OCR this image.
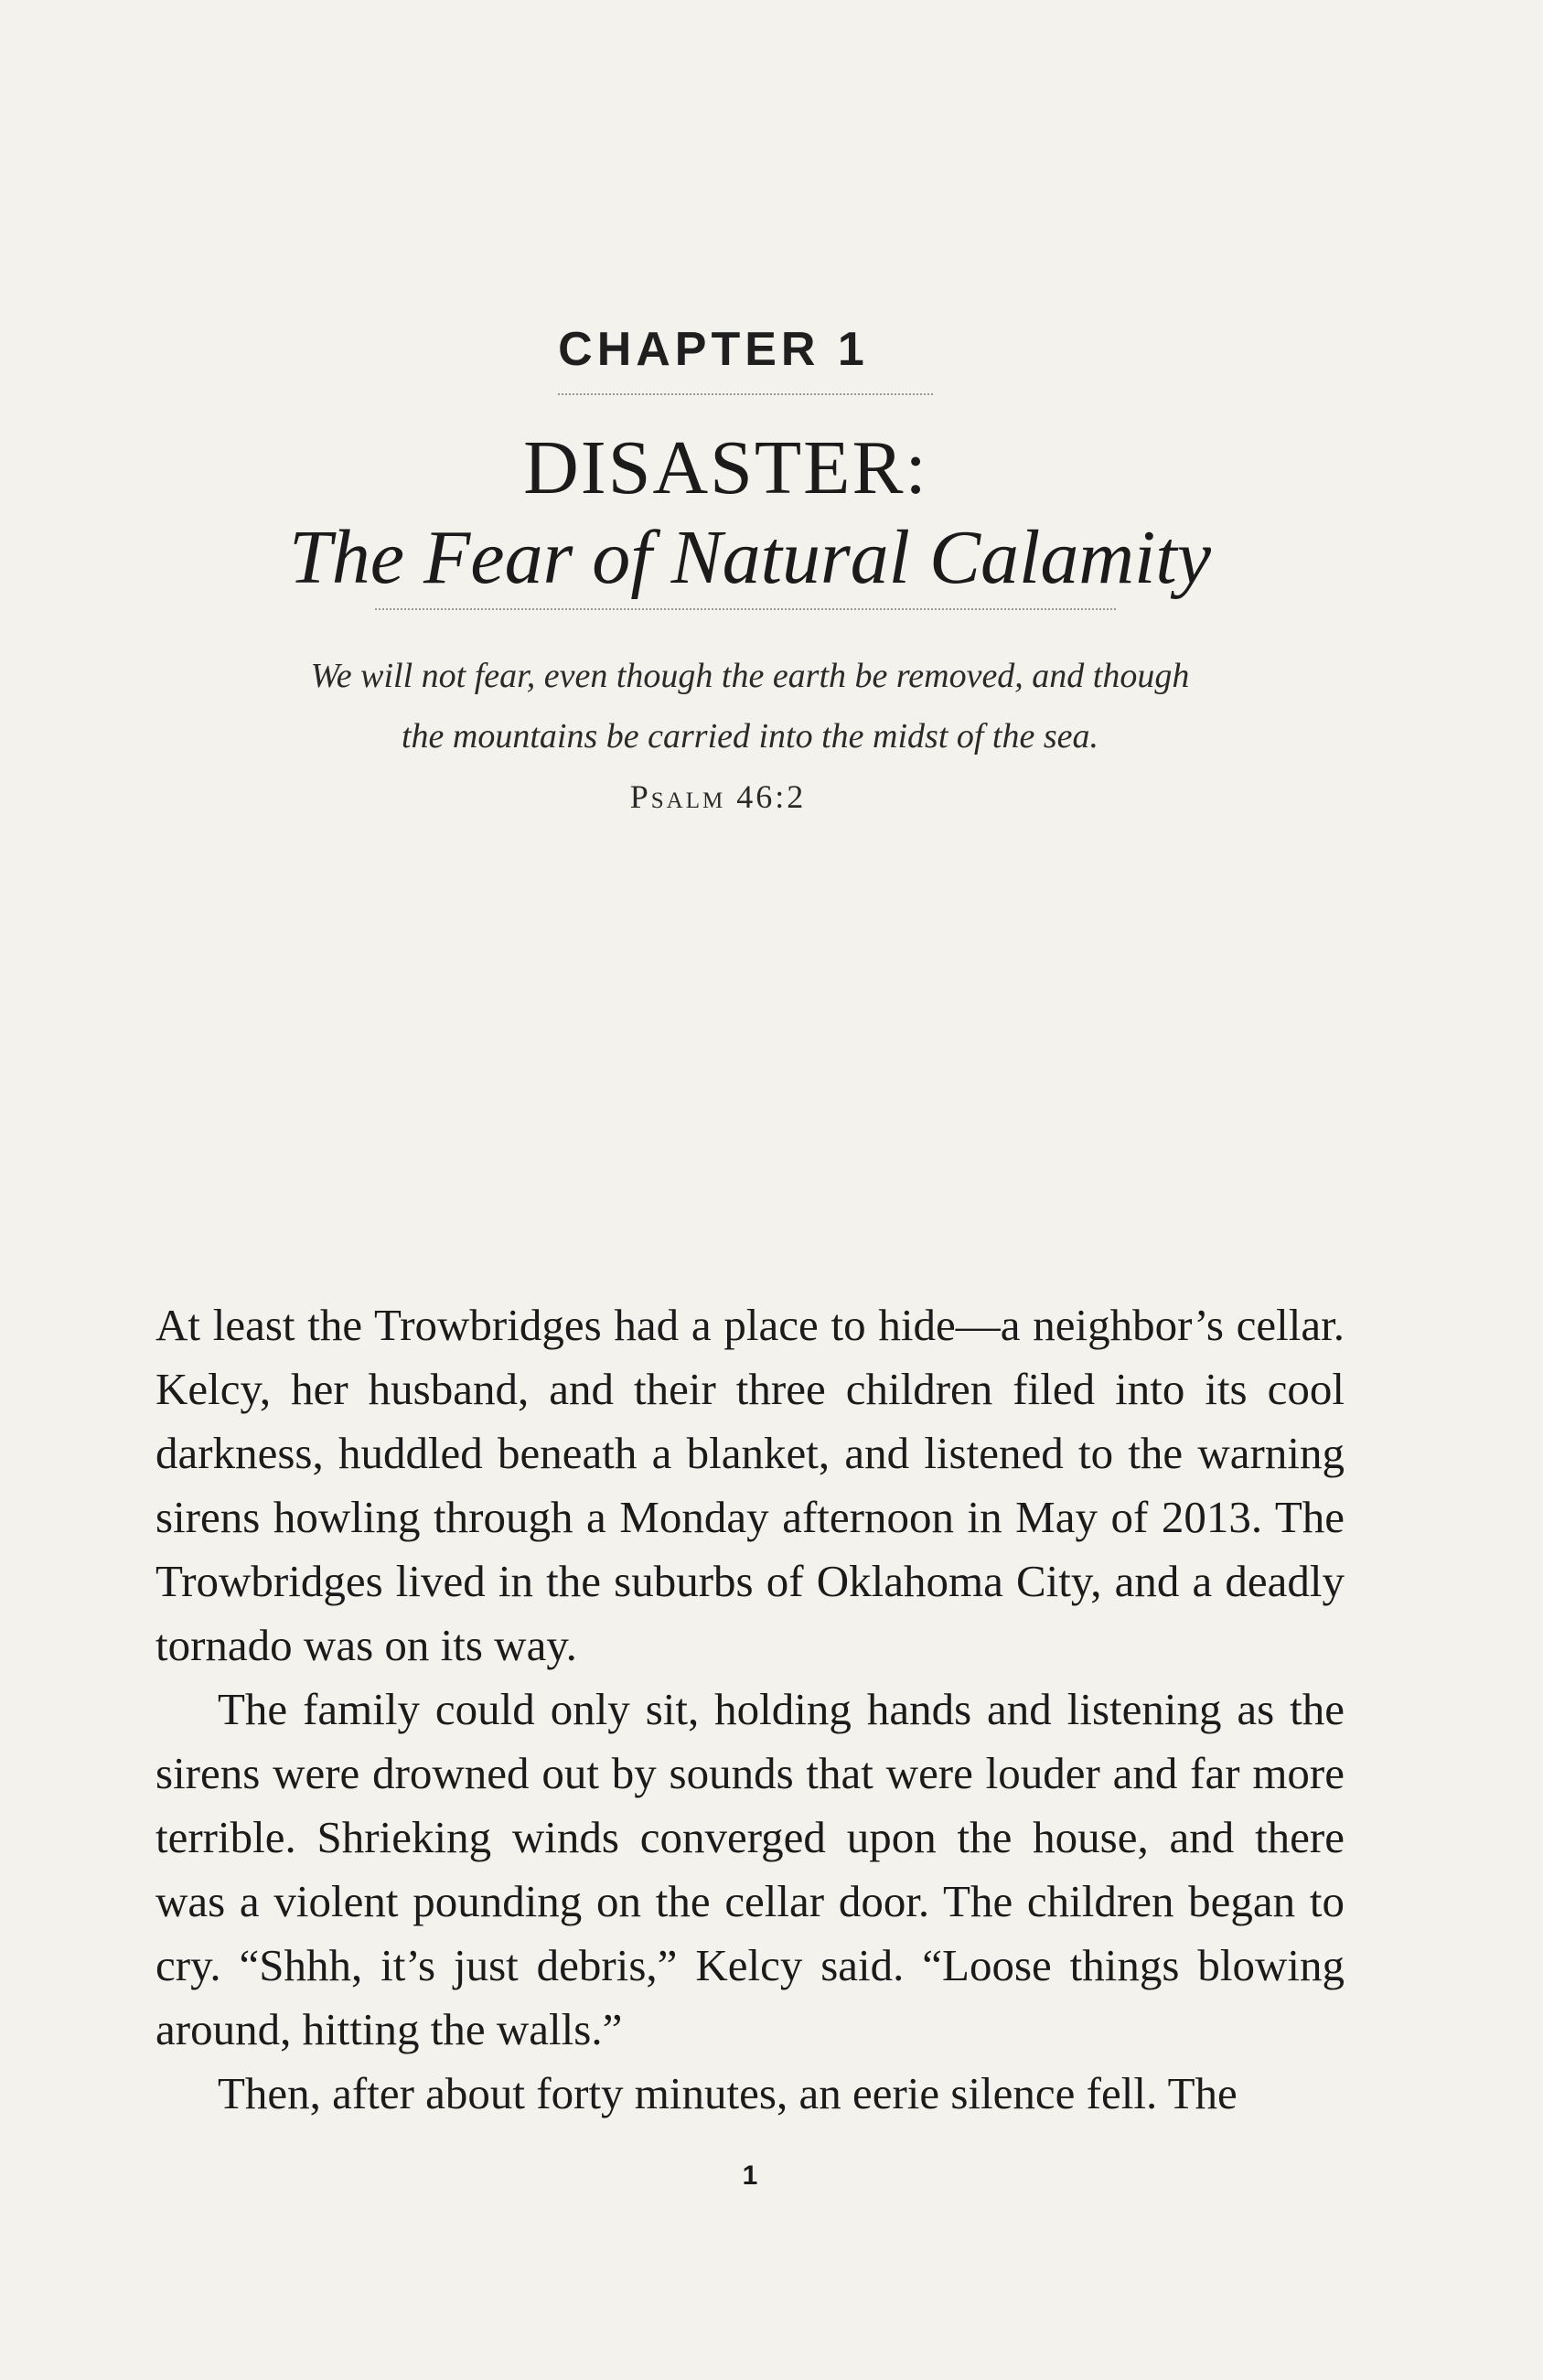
CHAPTER 1
DISASTER:
The Fear of Natural Calamity
We will not fear, even though the earth be removed, and though
the mountains be carried into the midst of the sea.
Psalm 46:2

At least the Trowbridges had a place to hide—a neighbor’s cellar. Kelcy, her husband, and their three children filed into its cool darkness, huddled beneath a blanket, and listened to the warning sirens howling through a Monday afternoon in May of 2013. The Trowbridges lived in the suburbs of Oklahoma City, and a deadly tornado was on its way.

The family could only sit, holding hands and listening as the sirens were drowned out by sounds that were louder and far more terrible. Shrieking winds converged upon the house, and there was a violent pounding on the cellar door. The children began to cry. “Shhh, it’s just debris,” Kelcy said. “Loose things blowing around, hitting the walls.”

Then, after about forty minutes, an eerie silence fell. The

1
